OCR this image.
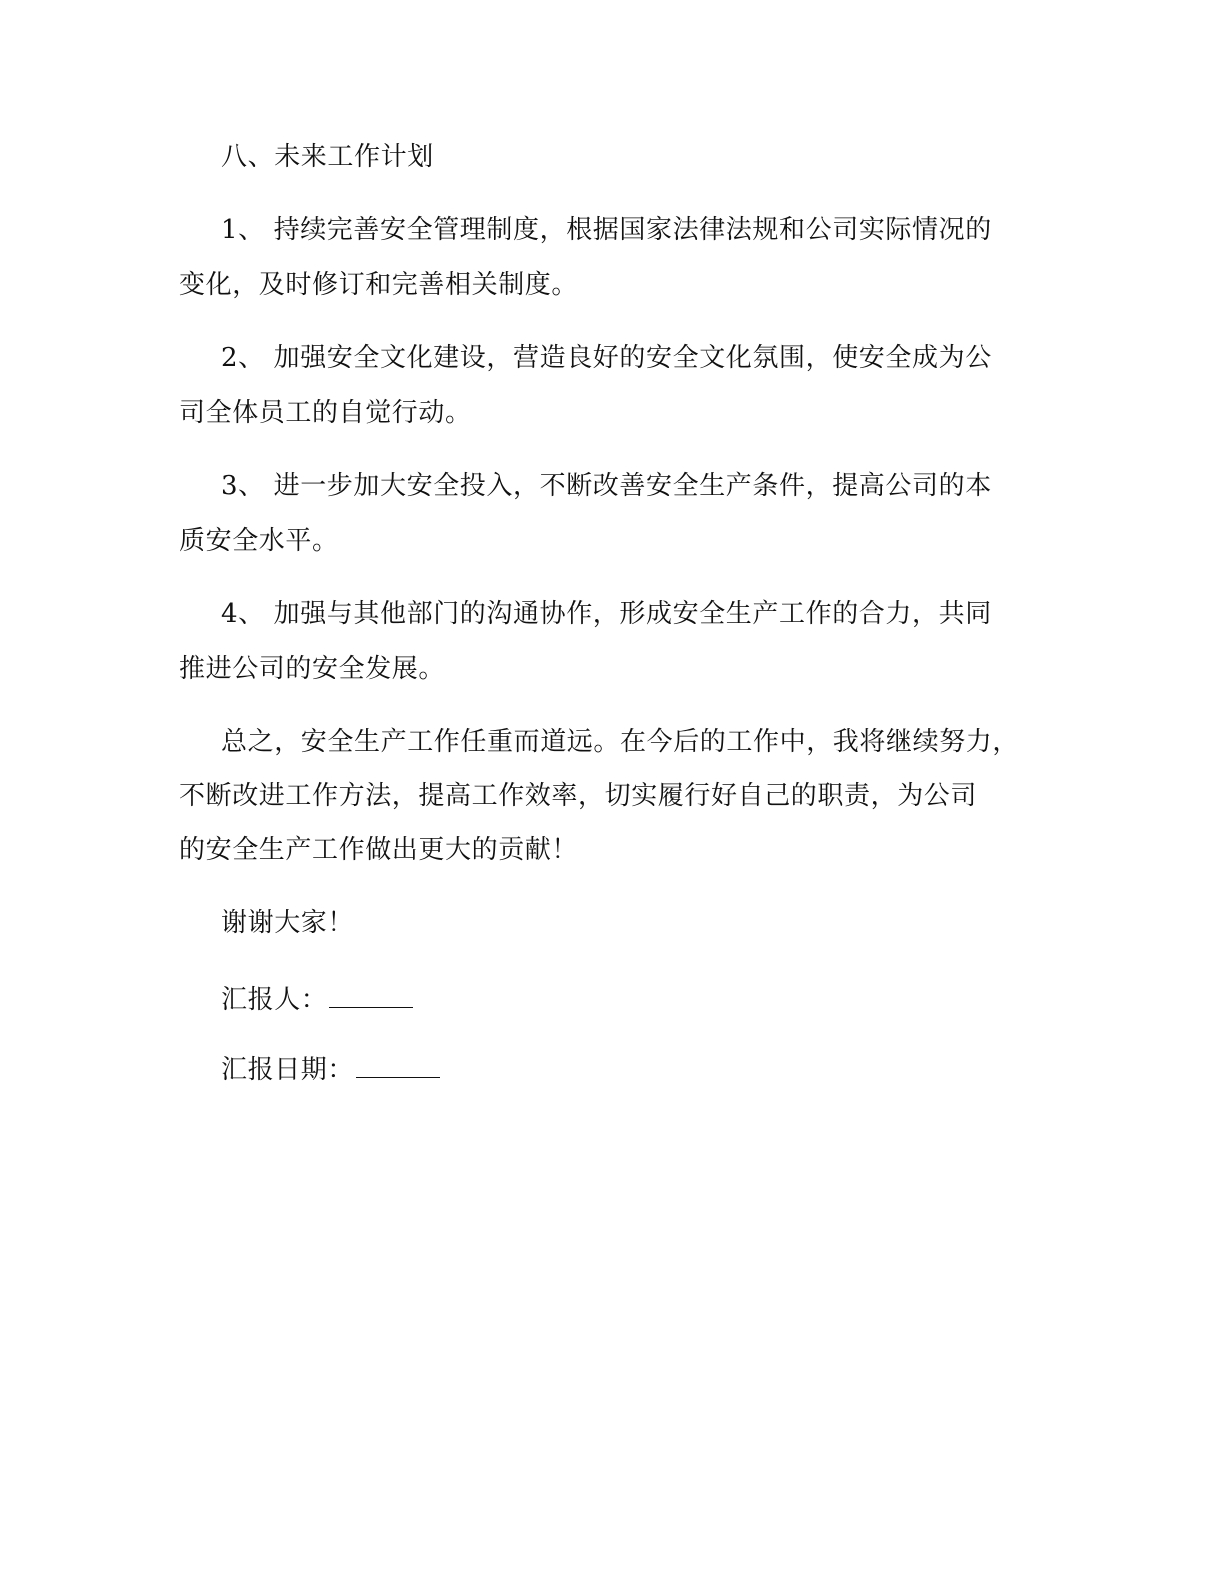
八、未来工作计划
1、 持续完善安全管理制度，根据国家法律法规和公司实际情况的
变化，及时修订和完善相关制度。
2、 加强安全文化建设，营造良好的安全文化氛围，使安全成为公
司全体员工的自觉行动。
3、 进一步加大安全投入，不断改善安全生产条件，提高公司的本
质安全水平。
4、 加强与其他部门的沟通协作，形成安全生产工作的合力，共同
推进公司的安全发展。
总之，安全生产工作任重而道远。在今后的工作中，我将继续努力，
不断改进工作方法，提高工作效率，切实履行好自己的职责，为公司
的安全生产工作做出更大的贡献！
谢谢大家！
汇报人：
汇报日期：
